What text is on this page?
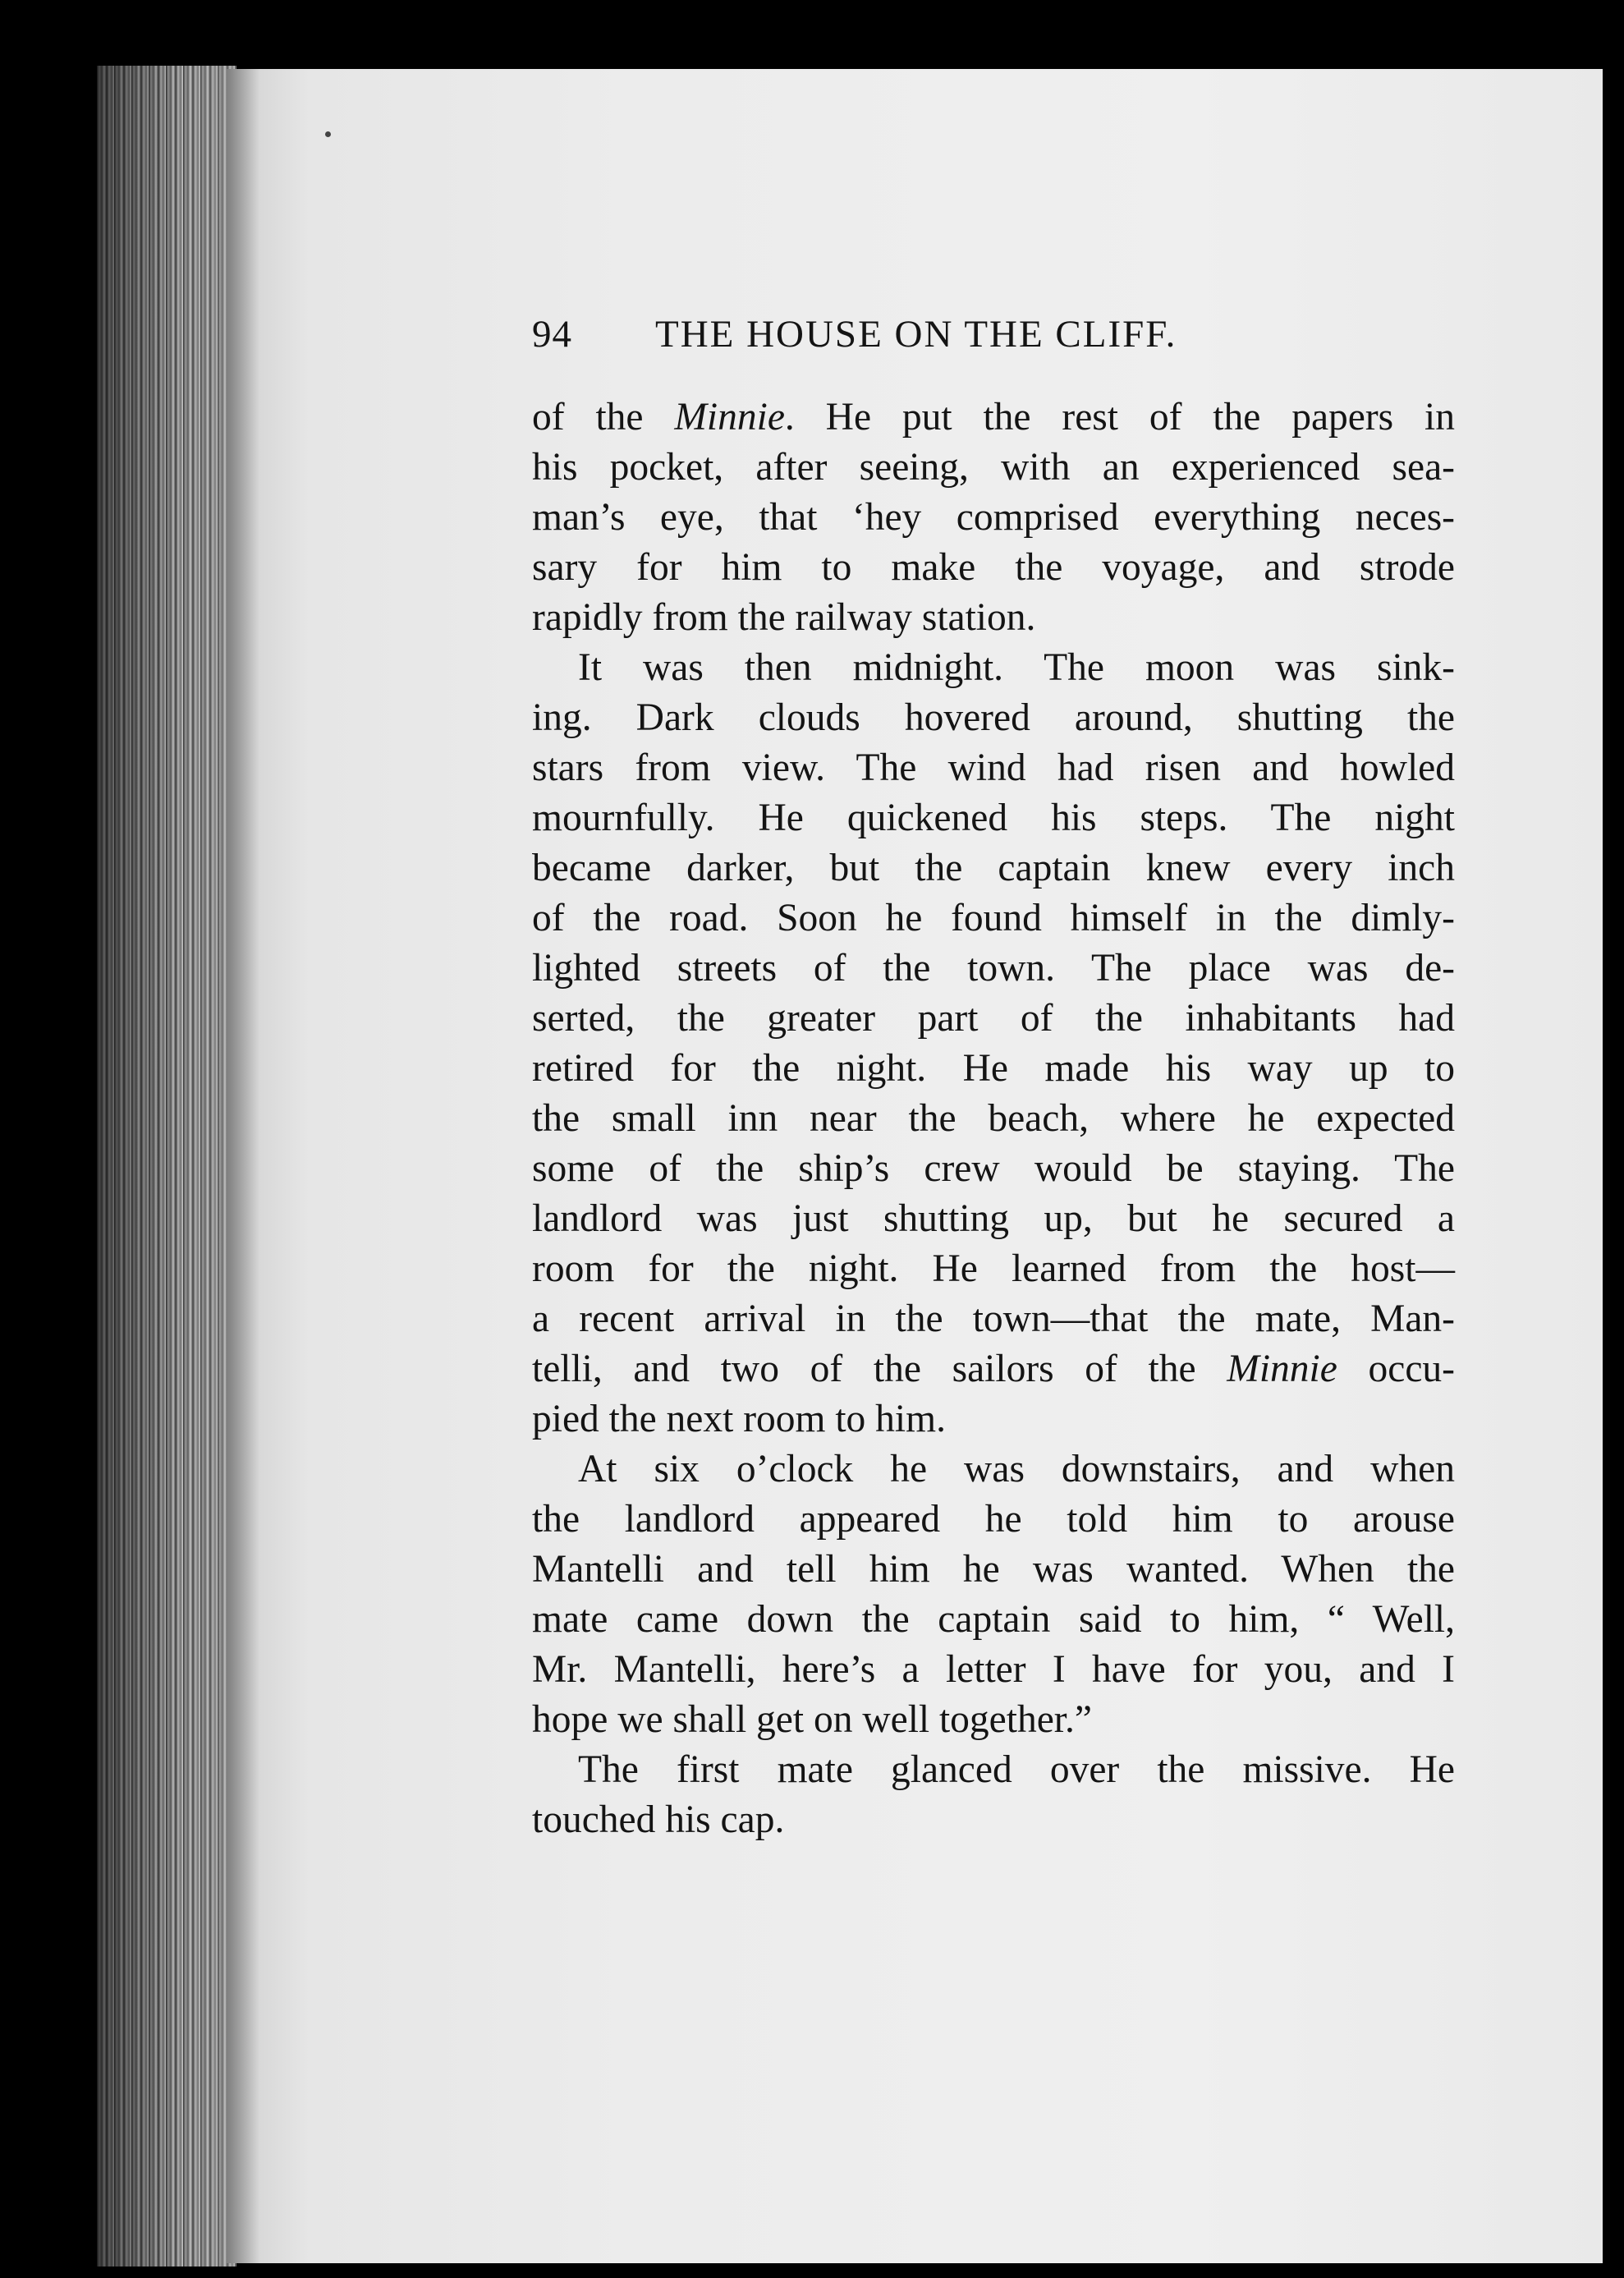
94	THE HOUSE ON THE CLIFF.
of the Minnie. He put the rest of the papers in
his pocket, after seeing, with an experienced sea-
man’s eye, that ‘hey comprised everything neces-
sary for him to make the voyage, and strode
rapidly from the railway station.
It was then midnight. The moon was sink-
ing. Dark clouds hovered around, shutting the
stars from view. The wind had risen and howled
mournfully. He quickened his steps. The night
became darker, but the captain knew every inch
of the road. Soon he found himself in the dimly-
lighted streets of the town. The place was de-
serted, the greater part of the inhabitants had
retired for the night. He made his way up to
the small inn near the beach, where he expected
some of the ship’s crew would be staying. The
landlord was just shutting up, but he secured a
room for the night. He learned from the host—
a recent arrival in the town—that the mate, Man-
telli, and two of the sailors of the Minnie occu-
pied the next room to him.
At six o’clock he was downstairs, and when
the landlord appeared he told him to arouse
Mantelli and tell him he was wanted. When the
mate came down the captain said to him, “ Well,
Mr. Mantelli, here’s a letter I have for you, and I
hope we shall get on well together.”
The first mate glanced over the missive. He
touched his cap.
